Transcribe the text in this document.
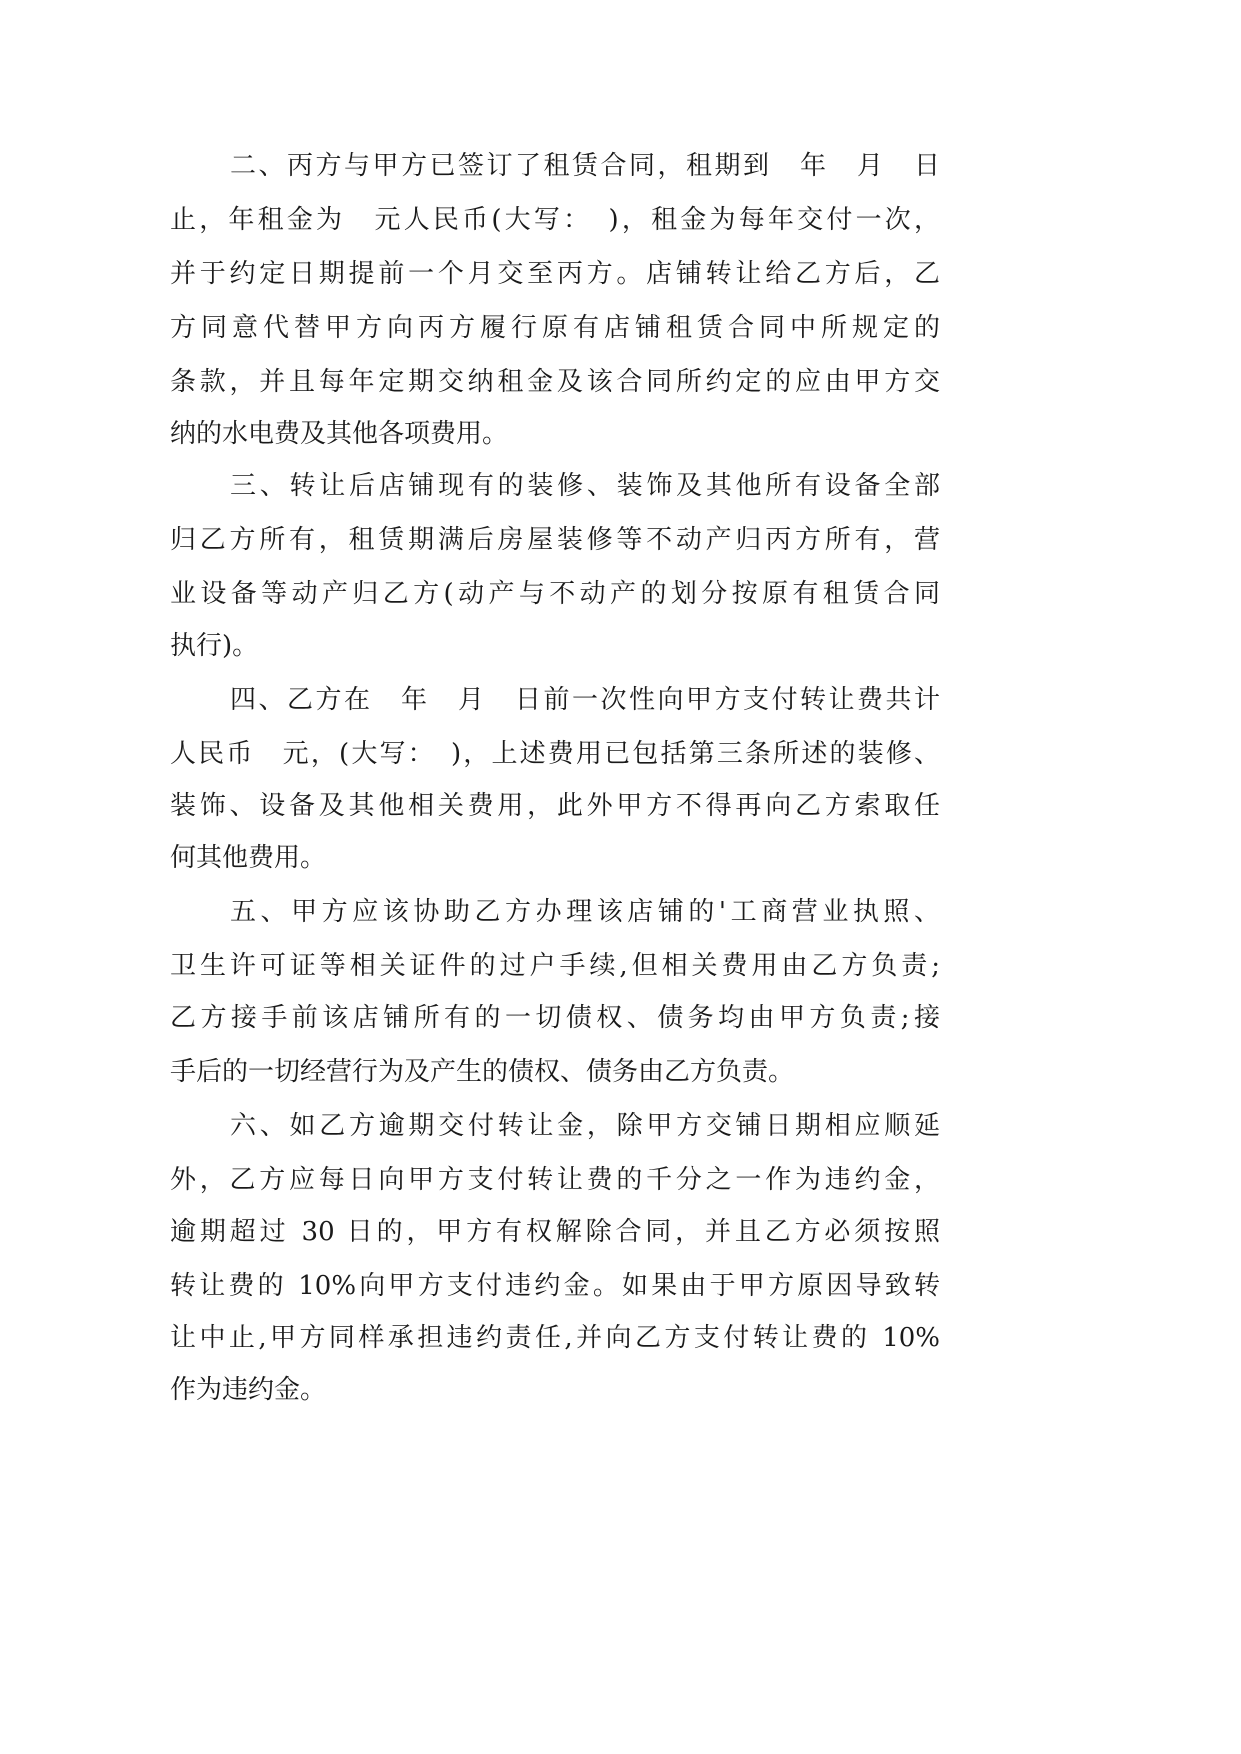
二、丙方与甲方已签订了租赁合同，租期到　年　月　日
止，年租金为　元人民币(大写：　)，租金为每年交付一次，
并于约定日期提前一个月交至丙方。店铺转让给乙方后，乙
方同意代替甲方向丙方履行原有店铺租赁合同中所规定的
条款，并且每年定期交纳租金及该合同所约定的应由甲方交
纳的水电费及其他各项费用。
三、转让后店铺现有的装修、装饰及其他所有设备全部
归乙方所有，租赁期满后房屋装修等不动产归丙方所有，营
业设备等动产归乙方(动产与不动产的划分按原有租赁合同
执行)。
四、乙方在　年　月　日前一次性向甲方支付转让费共计
人民币　元，(大写：　)，上述费用已包括第三条所述的装修、
装饰、设备及其他相关费用，此外甲方不得再向乙方索取任
何其他费用。
五、甲方应该协助乙方办理该店铺的'工商营业执照、
卫生许可证等相关证件的过户手续,但相关费用由乙方负责;
乙方接手前该店铺所有的一切债权、债务均由甲方负责;接
手后的一切经营行为及产生的债权、债务由乙方负责。
六、如乙方逾期交付转让金，除甲方交铺日期相应顺延
外，乙方应每日向甲方支付转让费的千分之一作为违约金，
逾期超过 30 日的，甲方有权解除合同，并且乙方必须按照
转让费的 10%向甲方支付违约金。如果由于甲方原因导致转
让中止,甲方同样承担违约责任,并向乙方支付转让费的 10%
作为违约金。
